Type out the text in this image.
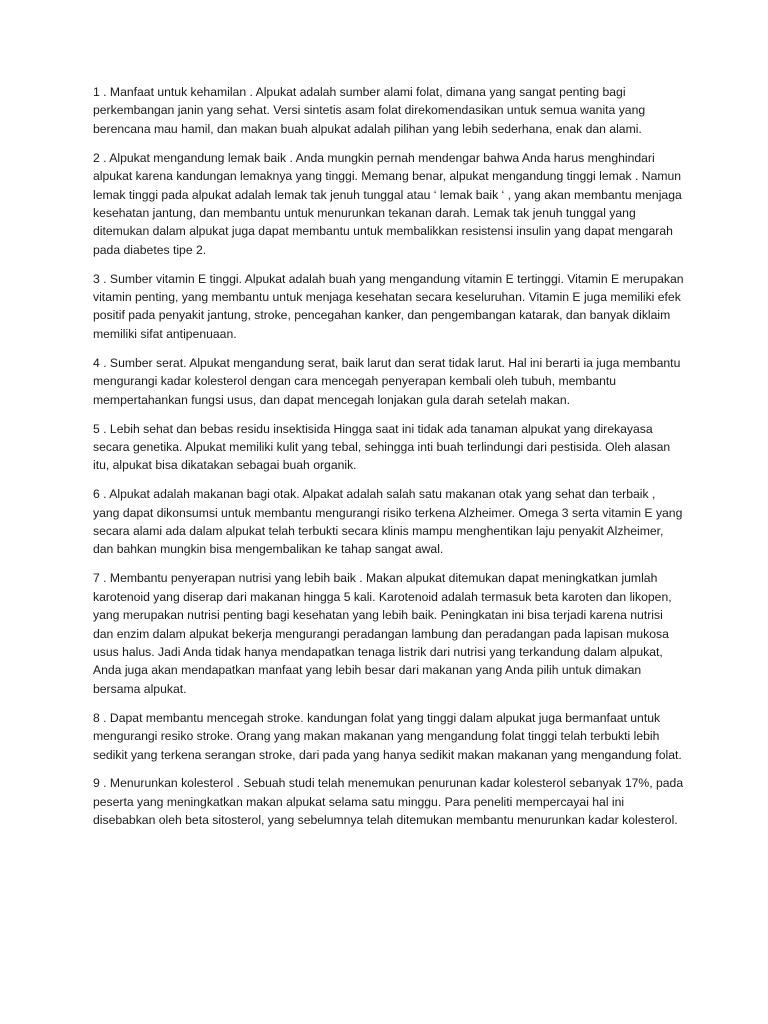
1 . Manfaat untuk kehamilan . Alpukat adalah sumber alami folat, dimana yang sangat penting bagi perkembangan janin yang sehat. Versi sintetis asam folat direkomendasikan untuk semua wanita yang berencana mau hamil, dan makan buah alpukat adalah pilihan yang lebih sederhana, enak dan alami.

2 . Alpukat mengandung lemak baik . Anda mungkin pernah mendengar bahwa Anda harus menghindari alpukat karena kandungan lemaknya yang tinggi. Memang benar, alpukat mengandung tinggi lemak . Namun lemak tinggi pada alpukat adalah lemak tak jenuh tunggal atau ‘ lemak baik ‘ , yang akan membantu menjaga kesehatan jantung, dan membantu untuk menurunkan tekanan darah. Lemak tak jenuh tunggal yang ditemukan dalam alpukat juga dapat membantu untuk membalikkan resistensi insulin yang dapat mengarah pada diabetes tipe 2.

3 . Sumber vitamin E tinggi. Alpukat adalah buah yang mengandung vitamin E tertinggi. Vitamin E merupakan vitamin penting, yang membantu untuk menjaga kesehatan secara keseluruhan. Vitamin E juga memiliki efek positif pada penyakit jantung, stroke, pencegahan kanker, dan pengembangan katarak, dan banyak diklaim memiliki sifat antipenuaan.

4 . Sumber serat. Alpukat mengandung serat, baik larut dan serat tidak larut. Hal ini berarti ia juga membantu mengurangi kadar kolesterol dengan cara mencegah penyerapan kembali oleh tubuh, membantu mempertahankan fungsi usus, dan dapat mencegah lonjakan gula darah setelah makan.

5 . Lebih sehat dan bebas residu insektisida Hingga saat ini tidak ada tanaman alpukat yang direkayasa secara genetika. Alpukat memiliki kulit yang tebal, sehingga inti buah terlindungi dari pestisida. Oleh alasan itu, alpukat bisa dikatakan sebagai buah organik.

6 . Alpukat adalah makanan bagi otak. Alpakat adalah salah satu makanan otak yang sehat dan terbaik , yang dapat dikonsumsi untuk membantu mengurangi risiko terkena Alzheimer. Omega 3 serta vitamin E yang secara alami ada dalam alpukat telah terbukti secara klinis mampu menghentikan laju penyakit Alzheimer, dan bahkan mungkin bisa mengembalikan ke tahap sangat awal.

7 . Membantu penyerapan nutrisi yang lebih baik . Makan alpukat ditemukan dapat meningkatkan jumlah karotenoid yang diserap dari makanan hingga 5 kali. Karotenoid adalah termasuk beta karoten dan likopen, yang merupakan nutrisi penting bagi kesehatan yang lebih baik. Peningkatan ini bisa terjadi karena nutrisi dan enzim dalam alpukat bekerja mengurangi peradangan lambung dan peradangan pada lapisan mukosa usus halus. Jadi Anda tidak hanya mendapatkan tenaga listrik dari nutrisi yang terkandung dalam alpukat, Anda juga akan mendapatkan manfaat yang lebih besar dari makanan yang Anda pilih untuk dimakan bersama alpukat.

8 . Dapat membantu mencegah stroke. kandungan folat yang tinggi dalam alpukat juga bermanfaat untuk mengurangi resiko stroke. Orang yang makan makanan yang mengandung folat tinggi telah terbukti lebih sedikit yang terkena serangan stroke, dari pada yang hanya sedikit makan makanan yang mengandung folat.

9 . Menurunkan kolesterol . Sebuah studi telah menemukan penurunan kadar kolesterol sebanyak 17%, pada peserta yang meningkatkan makan alpukat selama satu minggu. Para peneliti mempercayai hal ini disebabkan oleh beta sitosterol, yang sebelumnya telah ditemukan membantu menurunkan kadar kolesterol.
